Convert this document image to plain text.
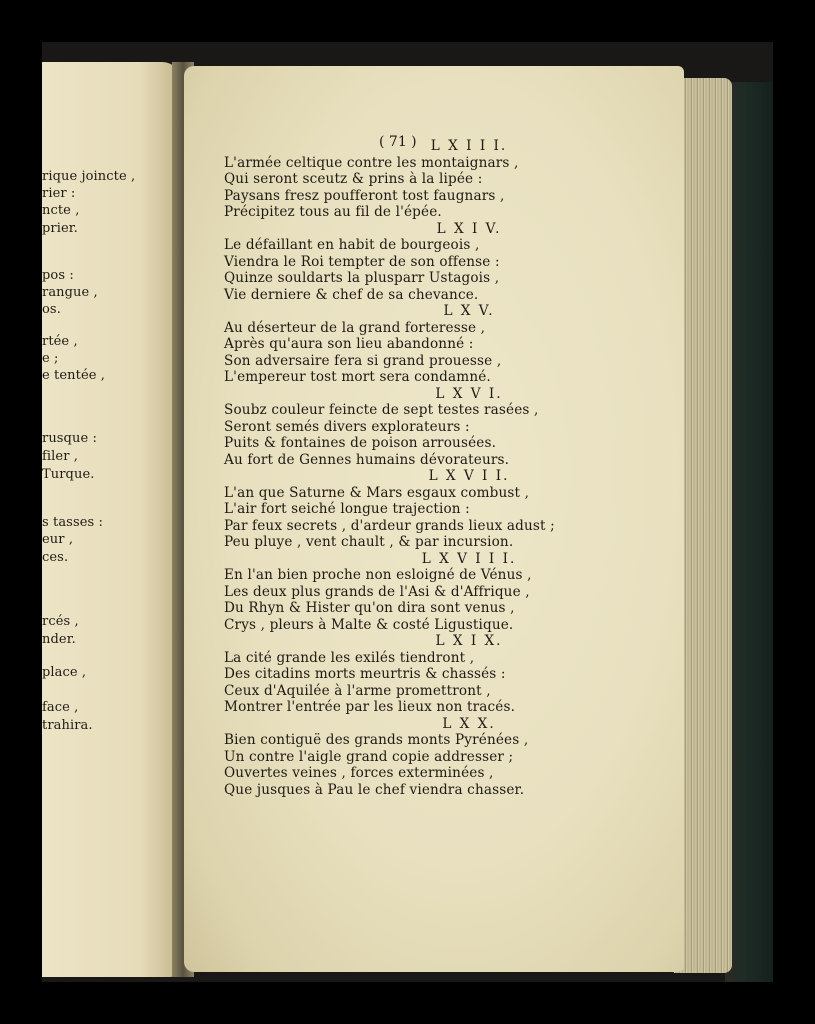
rique joincte ,
rier :
ncte ,
prier.
pos :
rangue ,
os.
rtée ,
e ;
e tentée ,
rusque :
filer ,
Turque.
s tasses :
eur ,
ces.
rcés ,
nder.
place ,
face ,
trahira.
( 71 )	L X I I I.
L'armée celtique contre les montaignars ,
Qui seront sceutz & prins à la lipée :
Paysans fresz poufferont tost faugnars ,
Précipitez tous au fil de l'épée.
L X I V.
Le défaillant en habit de bourgeois ,
Viendra le Roi tempter de son offense :
Quinze souldarts la plusparr Ustagois ,
Vie derniere & chef de sa chevance.
L X V.
Au déserteur de la grand forteresse ,
Après qu'aura son lieu abandonné :
Son adversaire fera si grand prouesse ,
L'empereur tost mort sera condamné.
L X V I.
Soubz couleur feincte de sept testes rasées ,
Seront semés divers explorateurs :
Puits & fontaines de poison arrousées.
Au fort de Gennes humains dévorateurs.
L X V I I.
L'an que Saturne & Mars esgaux combust ,
L'air fort seiché longue trajection :
Par feux secrets , d'ardeur grands lieux adust ;
Peu pluye , vent chault , & par incursion.
L X V I I I.
En l'an bien proche non esloigné de Vénus ,
Les deux plus grands de l'Asi & d'Affrique ,
Du Rhyn & Hister qu'on dira sont venus ,
Crys , pleurs à Malte & costé Ligustique.
L X I X.
La cité grande les exilés tiendront ,
Des citadins morts meurtris & chassés :
Ceux d'Aquilée à l'arme promettront ,
Montrer l'entrée par les lieux non tracés.
L X X.
Bien contiguë des grands monts Pyrénées ,
Un contre l'aigle grand copie addresser ;
Ouvertes veines , forces exterminées ,
Que jusques à Pau le chef viendra chasser.
